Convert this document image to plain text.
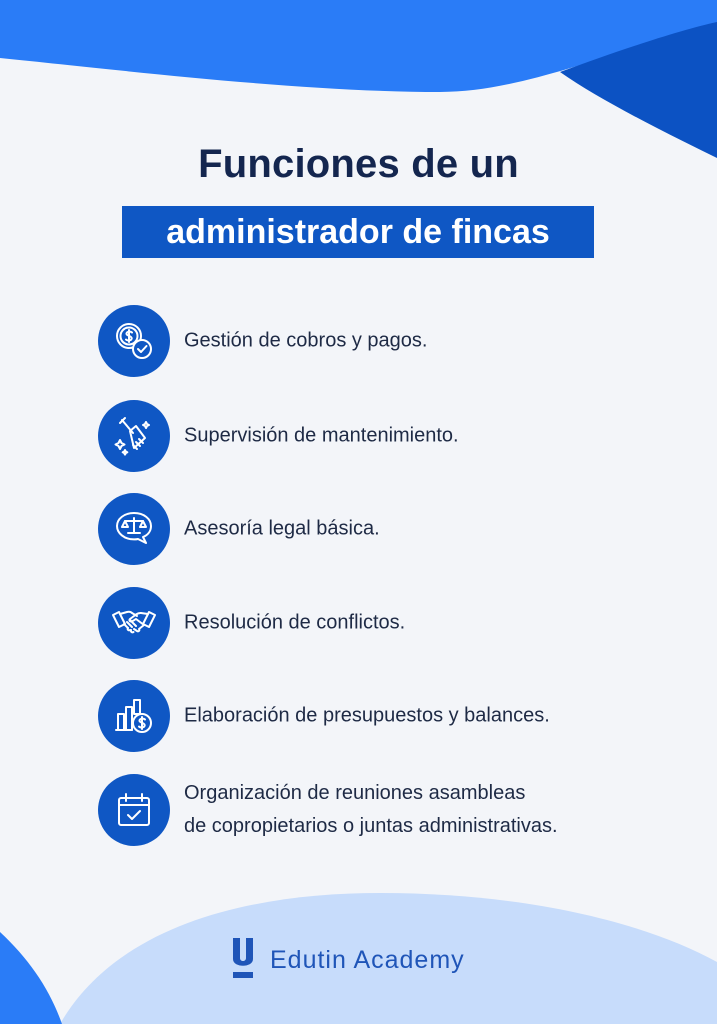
Funciones de un
administrador de fincas
Gestión de cobros y pagos.
Supervisión de mantenimiento.
Asesoría legal básica.
Resolución de conflictos.
Elaboración de presupuestos y balances.
Organización de reuniones asambleas
de copropietarios o juntas administrativas.
Edutin Academy
